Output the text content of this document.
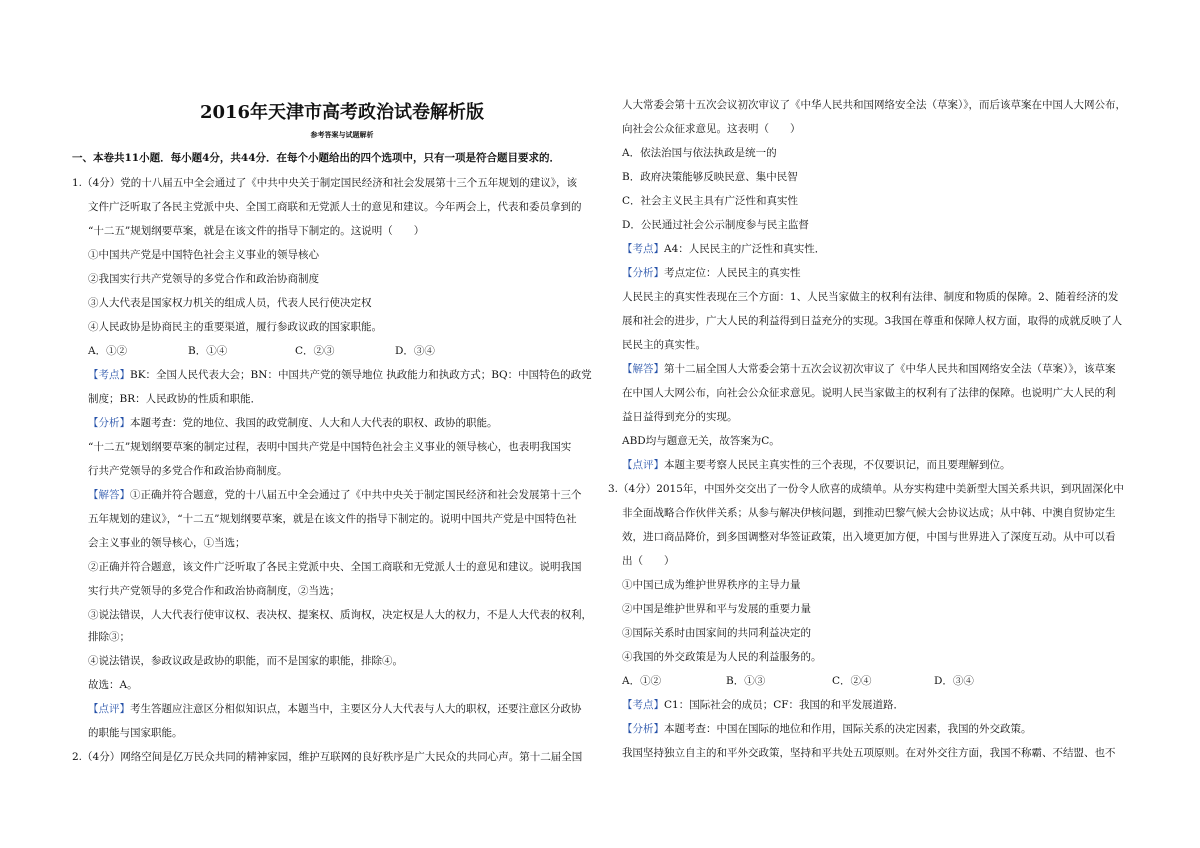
2016年天津市高考政治试卷解析版
参考答案与试题解析
一、本卷共11小题．每小题4分，共44分．在每个小题给出的四个选项中，只有一项是符合题目要求的．
1.（4分）党的十八届五中全会通过了《中共中央关于制定国民经济和社会发展第十三个五年规划的建议》，该
文件广泛听取了各民主党派中央、全国工商联和无党派人士的意见和建议。今年两会上，代表和委员拿到的
“十二五”规划纲要草案，就是在该文件的指导下制定的。这说明（　　）
①中国共产党是中国特色社会主义事业的领导核心
②我国实行共产党领导的多党合作和政治协商制度
③人大代表是国家权力机关的组成人员，代表人民行使决定权
④人民政协是协商民主的重要渠道，履行参政议政的国家职能。
A．①②	B．①④	C．②③	D．③④
【考点】BK：全国人民代表大会；BN：中国共产党的领导地位 执政能力和执政方式；BQ：中国特色的政党
制度；BR：人民政协的性质和职能．
【分析】本题考查：党的地位、我国的政党制度、人大和人大代表的职权、政协的职能。
“十二五”规划纲要草案的制定过程，表明中国共产党是中国特色社会主义事业的领导核心，也表明我国实
行共产党领导的多党合作和政治协商制度。
【解答】①正确并符合题意，党的十八届五中全会通过了《中共中央关于制定国民经济和社会发展第十三个
五年规划的建议》，“十二五”规划纲要草案，就是在该文件的指导下制定的。说明中国共产党是中国特色社
会主义事业的领导核心，①当选；
②正确并符合题意，该文件广泛听取了各民主党派中央、全国工商联和无党派人士的意见和建议。说明我国
实行共产党领导的多党合作和政治协商制度，②当选；
③说法错误，人大代表行使审议权、表决权、提案权、质询权，决定权是人大的权力，不是人大代表的权利，
排除③；
④说法错误，参政议政是政协的职能，而不是国家的职能，排除④。
故选：A。
【点评】考生答题应注意区分相似知识点，本题当中，主要区分人大代表与人大的职权，还要注意区分政协
的职能与国家职能。
2.（4分）网络空间是亿万民众共同的精神家园，维护互联网的良好秩序是广大民众的共同心声。第十二届全国
人大常委会第十五次会议初次审议了《中华人民共和国网络安全法（草案）》，而后该草案在中国人大网公布，
向社会公众征求意见。这表明（　　）
A．依法治国与依法执政是统一的
B．政府决策能够反映民意、集中民智
C．社会主义民主具有广泛性和真实性
D．公民通过社会公示制度参与民主监督
【考点】A4：人民民主的广泛性和真实性．
【分析】考点定位：人民民主的真实性
人民民主的真实性表现在三个方面：1、人民当家做主的权利有法律、制度和物质的保障。2、随着经济的发
展和社会的进步，广大人民的利益得到日益充分的实现。3我国在尊重和保障人权方面，取得的成就反映了人
民民主的真实性。
【解答】第十二届全国人大常委会第十五次会议初次审议了《中华人民共和国网络安全法（草案）》，该草案
在中国人大网公布，向社会公众征求意见。说明人民当家做主的权利有了法律的保障。也说明广大人民的利
益日益得到充分的实现。
ABD均与题意无关，故答案为C。
【点评】本题主要考察人民民主真实性的三个表现，不仅要识记，而且要理解到位。
3.（4分）2015年，中国外交交出了一份令人欣喜的成绩单。从夯实构建中美新型大国关系共识，到巩固深化中
非全面战略合作伙伴关系；从参与解决伊核问题，到推动巴黎气候大会协议达成；从中韩、中澳自贸协定生
效，进口商品降价，到多国调整对华签证政策，出入境更加方便，中国与世界进入了深度互动。从中可以看
出（　　）
①中国已成为维护世界秩序的主导力量
②中国是维护世界和平与发展的重要力量
③国际关系时由国家间的共同利益决定的
④我国的外交政策是为人民的利益服务的。
A．①②	B．①③	C．②④	D．③④
【考点】C1：国际社会的成员；CF：我国的和平发展道路．
【分析】本题考查：中国在国际的地位和作用，国际关系的决定因素，我国的外交政策。
我国坚持独立自主的和平外交政策，坚持和平共处五项原则。在对外交往方面，我国不称霸、不结盟、也不
